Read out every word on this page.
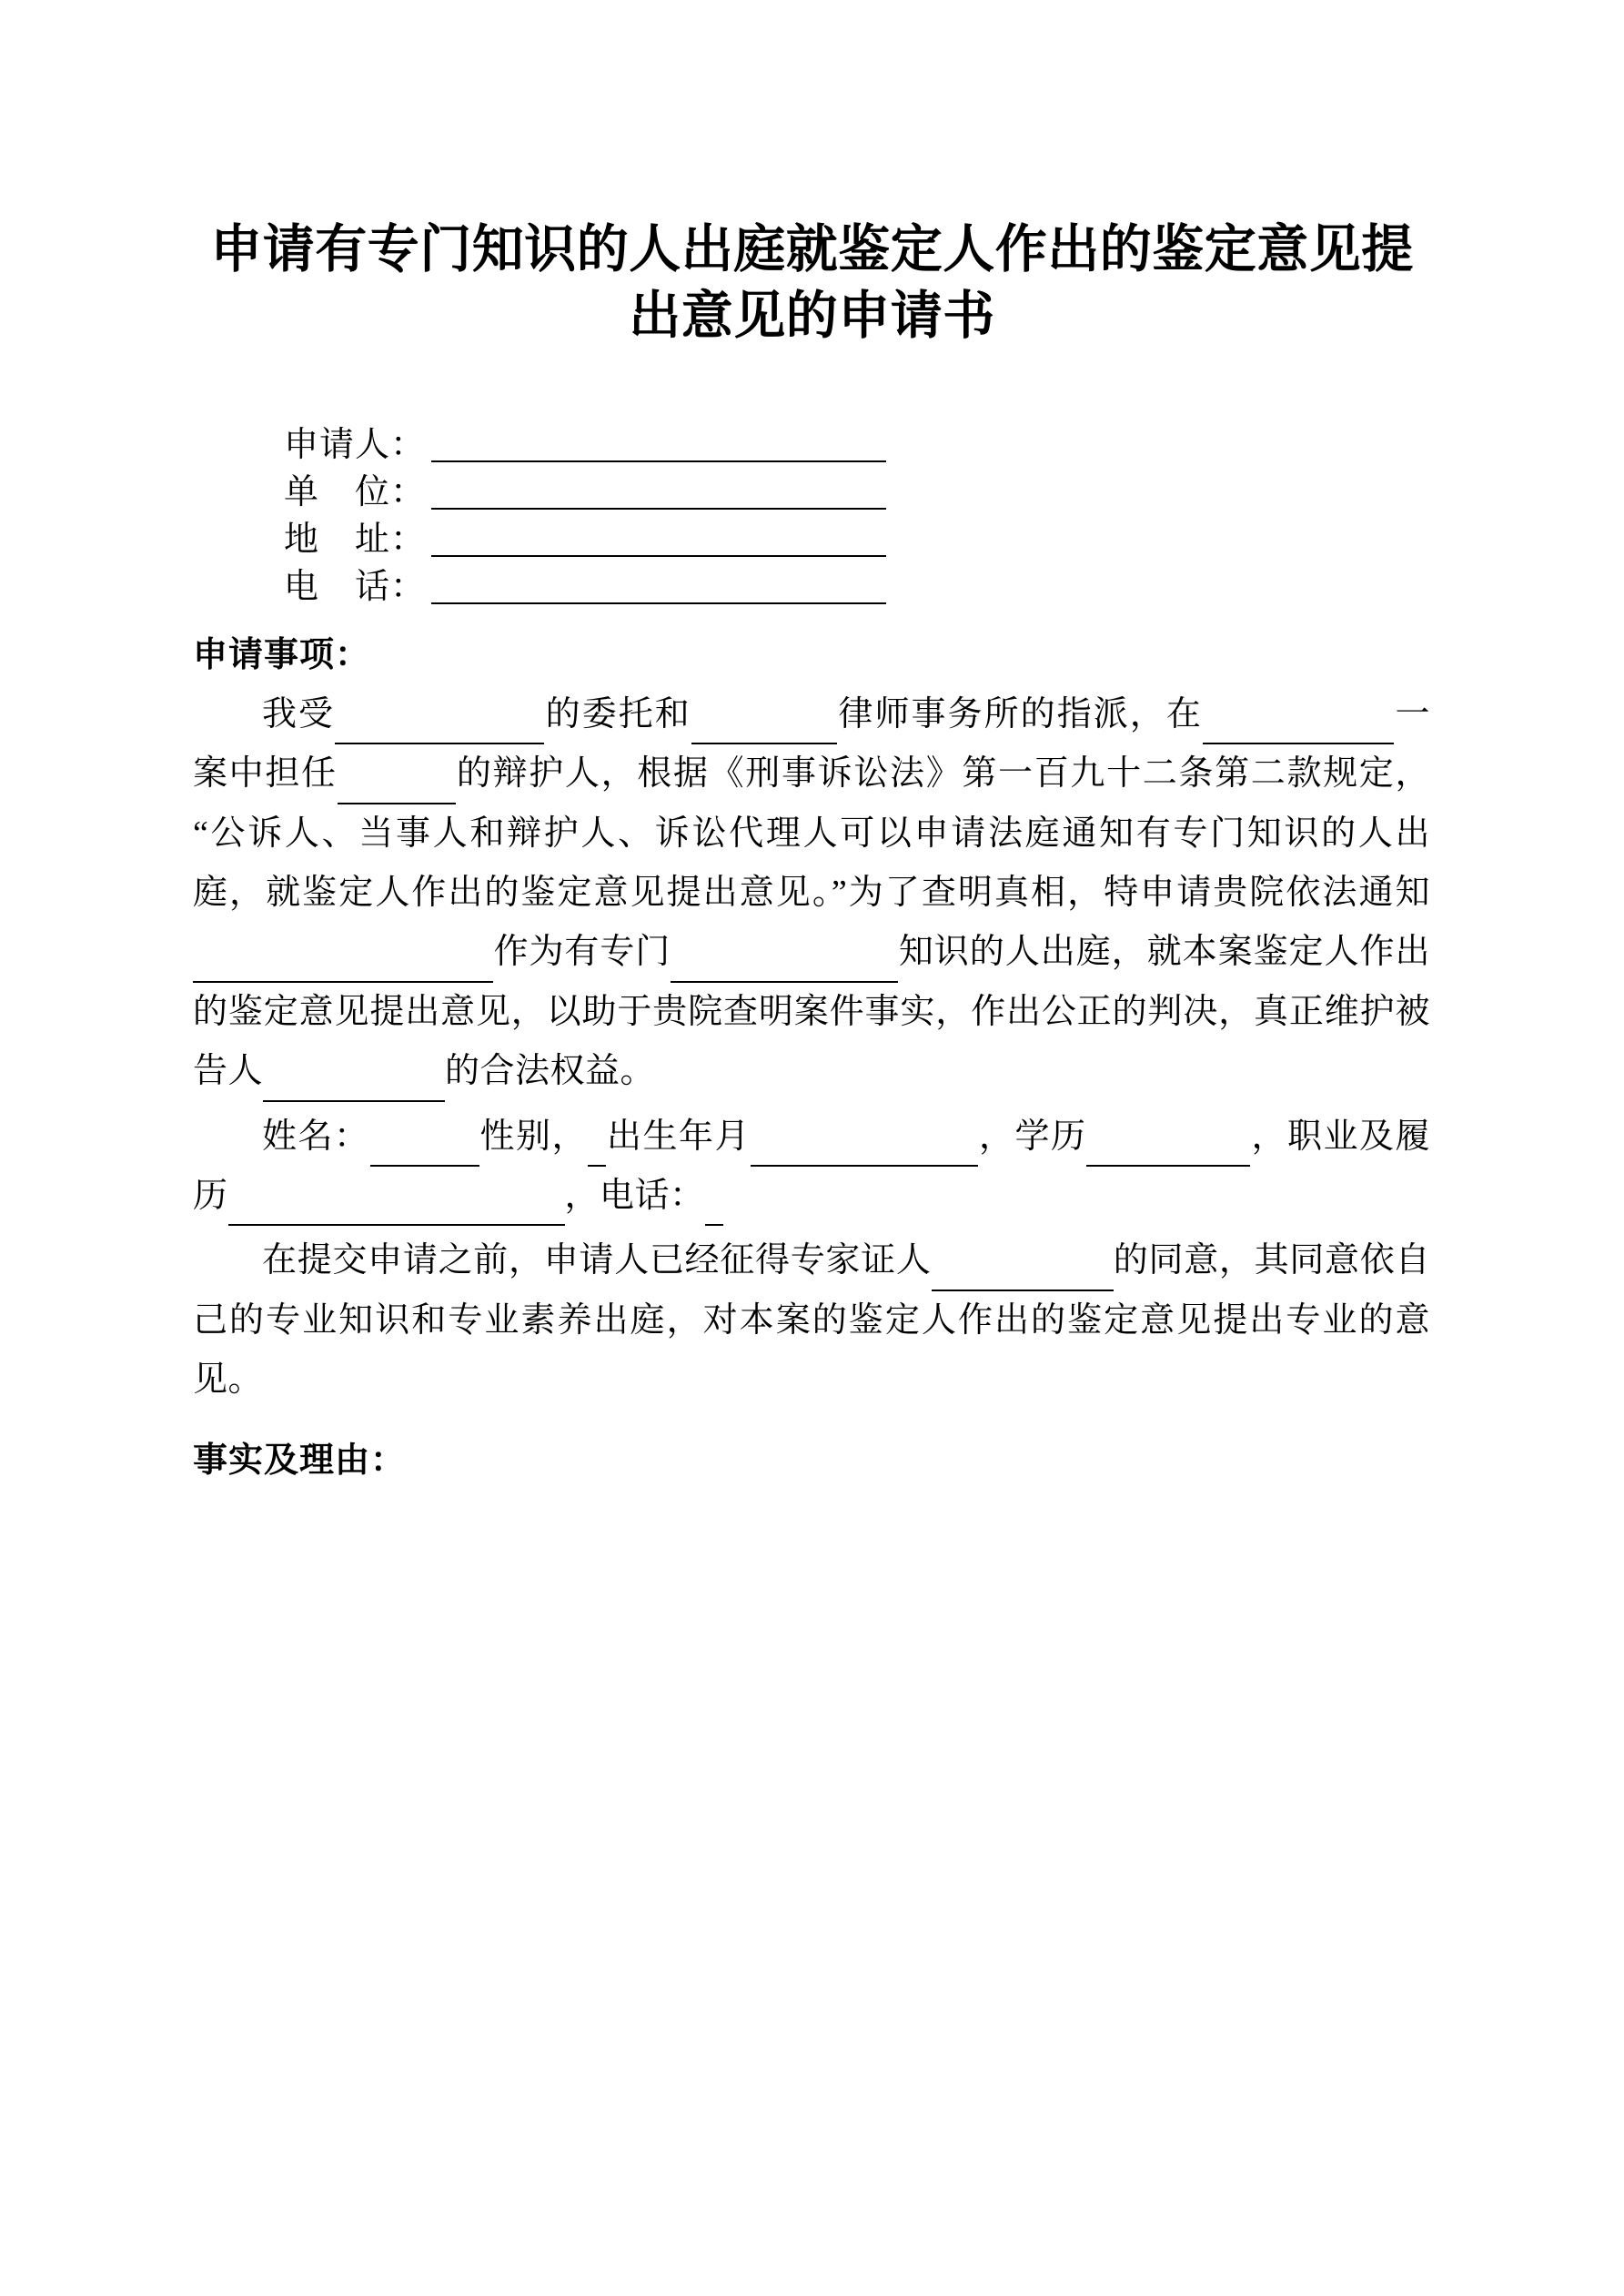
申请有专门知识的人出庭就鉴定人作出的鉴定意见提出意见的申请书
申请人：
单　位：
地　址：
电　话：
申请事项：

我受	的委托和	律师事务所的指派，在	一案中担任	的辩护人，根据《刑事诉讼法》第一百九十二条第二款规定，“公诉人、当事人和辩护人、诉讼代理人可以申请法庭通知有专门知识的人出庭，就鉴定人作出的鉴定意见提出意见。”为了查明真相，特申请贵院依法通知作为有专门	知识的人出庭，就本案鉴定人作出的鉴定意见提出意见，以助于贵院查明案件事实，作出公正的判决，真正维护被告人	的合法权益。

姓名：	性别， 出生年月	，学历	，职业及履历	，电话：

在提交申请之前，申请人已经征得专家证人	的同意，其同意依自己的专业知识和专业素养出庭，对本案的鉴定人作出的鉴定意见提出专业的意见。

事实及理由：
